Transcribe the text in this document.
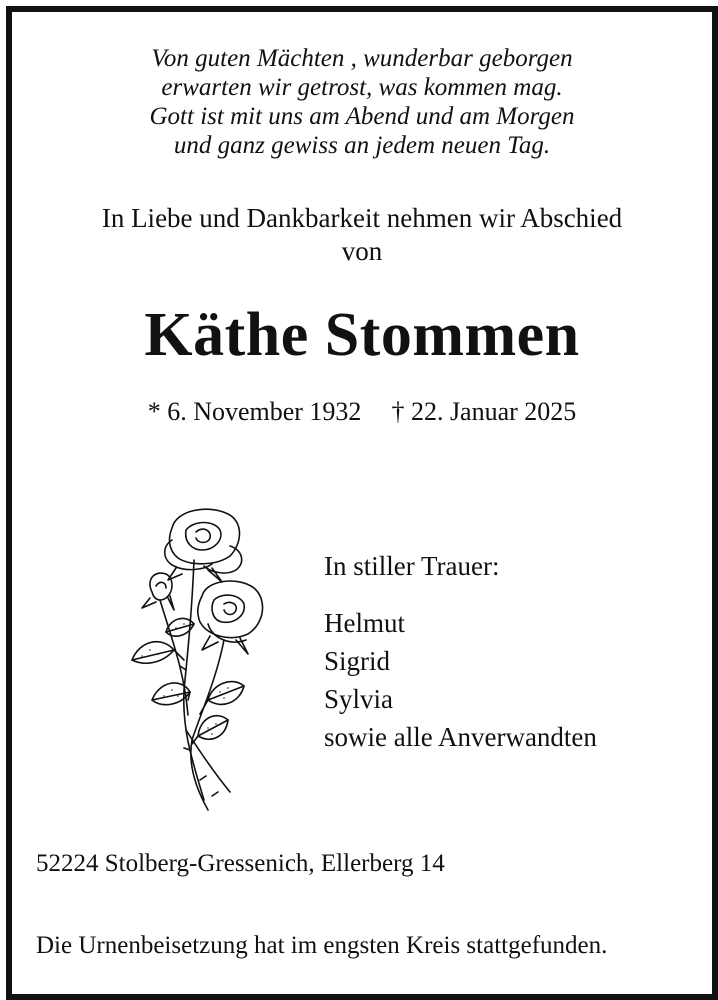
Von guten Mächten , wunderbar geborgen
erwarten wir getrost, was kommen mag.
Gott ist mit uns am Abend und am Morgen
und ganz gewiss an jedem neuen Tag.
In Liebe und Dankbarkeit nehmen wir Abschied
von
Käthe Stommen
* 6. November 1932 † 22. Januar 2025
In stiller Trauer:
Helmut
Sigrid
Sylvia
sowie alle Anverwandten
52224 Stolberg-Gressenich, Ellerberg 14
Die Urnenbeisetzung hat im engsten Kreis stattgefunden.
